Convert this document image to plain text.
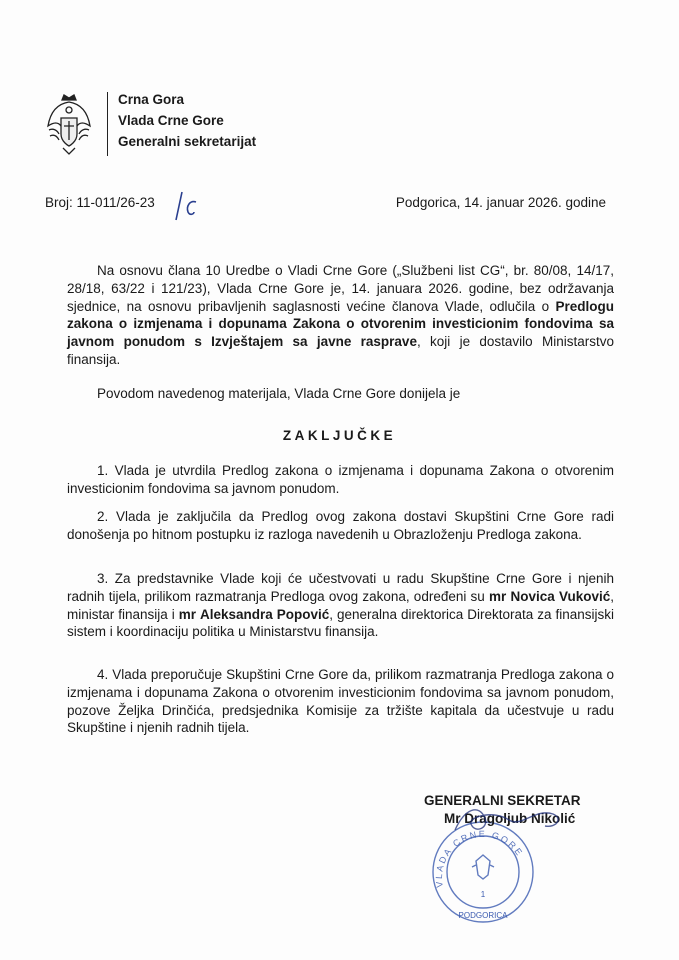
Crna Gora
Vlada Crne Gore
Generalni sekretarijat
Broj: 11-011/26-23	Podgorica, 14. januar 2026. godine

Na osnovu člana 10 Uredbe o Vladi Crne Gore („Službeni list CG“, br. 80/08, 14/17, 28/18, 63/22 i 121/23), Vlada Crne Gore je, 14. januara 2026. godine, bez održavanja sjednice, na osnovu pribavljenih saglasnosti većine članova Vlade, odlučila o Predlogu zakona o izmjenama i dopunama Zakona o otvorenim investicionim fondovima sa javnom ponudom s Izvještajem sa javne rasprave, koji je dostavilo Ministarstvo finansija.

Povodom navedenog materijala, Vlada Crne Gore donijela je

ZAKLJUČKE

1. Vlada je utvrdila Predlog zakona o izmjenama i dopunama Zakona o otvorenim investicionim fondovima sa javnom ponudom.

2. Vlada je zaključila da Predlog ovog zakona dostavi Skupštini Crne Gore radi donošenja po hitnom postupku iz razloga navedenih u Obrazloženju Predloga zakona.

3. Za predstavnike Vlade koji će učestvovati u radu Skupštine Crne Gore i njenih radnih tijela, prilikom razmatranja Predloga ovog zakona, određeni su mr Novica Vuković, ministar finansija i mr Aleksandra Popović, generalna direktorica Direktorata za finansijski sistem i koordinaciju politika u Ministarstvu finansija.

4. Vlada preporučuje Skupštini Crne Gore da, prilikom razmatranja Predloga zakona o izmjenama i dopunama Zakona o otvorenim investicionim fondovima sa javnom ponudom, pozove Željka Drinčića, predsjednika Komisije za tržište kapitala da učestvuje u radu Skupštine i njenih radnih tijela.

VLADA CRNE GORE
1
PODGORICA
GENERALNI SEKRETAR
Mr Dragoljub Nikolić
